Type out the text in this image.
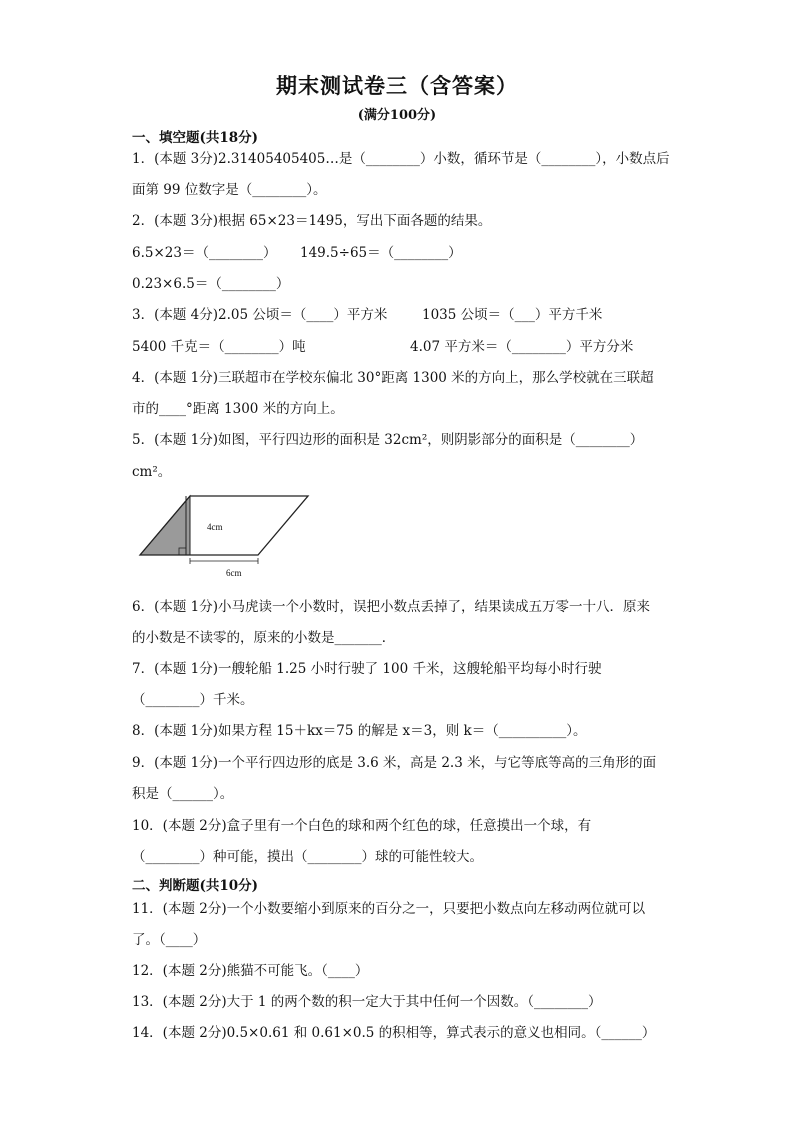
期末测试卷三（含答案）
(满分100分)
一、填空题(共18分)
1．(本题 3分)2.31405405405…是（________）小数，循环节是（________），小数点后
面第 99 位数字是（________）。
2．(本题 3分)根据 65×23＝1495，写出下面各题的结果。
6.5×23＝（________） 149.5÷65＝（________）
0.23×6.5＝（________）
3．(本题 4分)2.05 公顷＝（____）平方米	1035 公顷＝（___）平方千米
5400 千克＝（________）吨	4.07 平方米＝（________）平方分米
4．(本题 1分)三联超市在学校东偏北 30°距离 1300 米的方向上，那么学校就在三联超
市的____°距离 1300 米的方向上。
5．(本题 1分)如图，平行四边形的面积是 32cm²，则阴影部分的面积是（________）
cm²。
4cm
6cm
6．(本题 1分)小马虎读一个小数时，误把小数点丢掉了，结果读成五万零一十八．原来
的小数是不读零的，原来的小数是_______．
7．(本题 1分)一艘轮船 1.25 小时行驶了 100 千米，这艘轮船平均每小时行驶
（________）千米。
8．(本题 1分)如果方程 15＋kx＝75 的解是 x＝3，则 k＝（__________）。
9．(本题 1分)一个平行四边形的底是 3.6 米，高是 2.3 米，与它等底等高的三角形的面
积是（______）。
10．(本题 2分)盒子里有一个白色的球和两个红色的球，任意摸出一个球，有
（________）种可能，摸出（________）球的可能性较大。
二、判断题(共10分)
11．(本题 2分)一个小数要缩小到原来的百分之一，只要把小数点向左移动两位就可以
了。（____）
12．(本题 2分)熊猫不可能飞。（____）
13．(本题 2分)大于 1 的两个数的积一定大于其中任何一个因数。（________）
14．(本题 2分)0.5×0.61 和 0.61×0.5 的积相等，算式表示的意义也相同。（______）
